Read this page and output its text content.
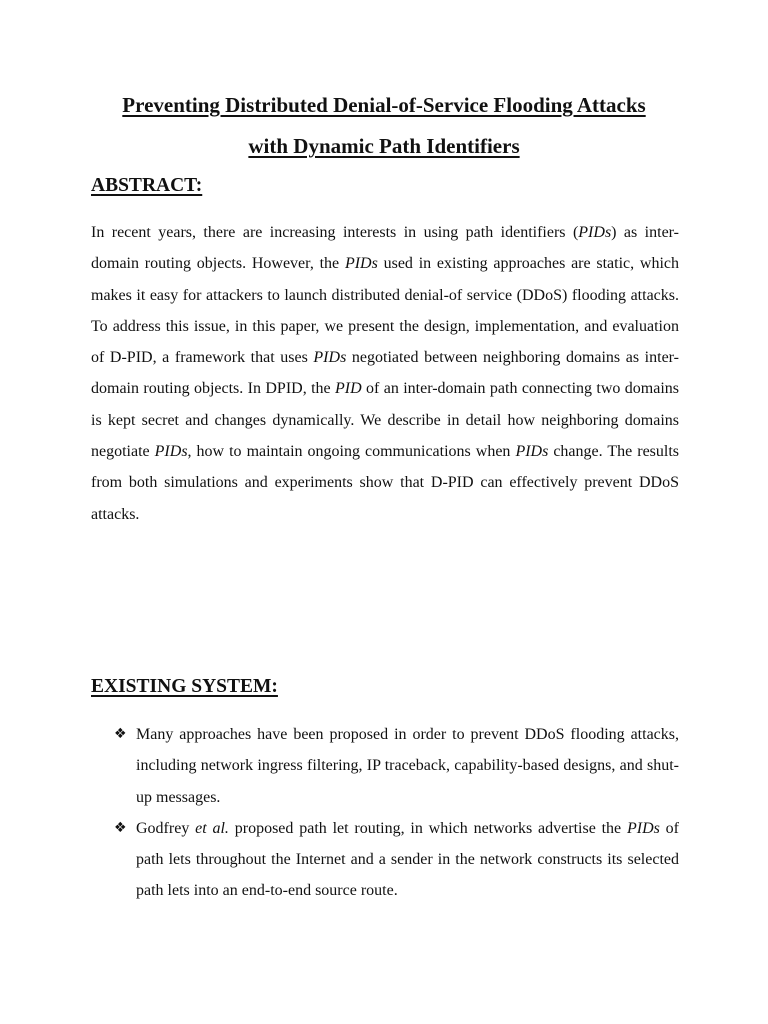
Preventing Distributed Denial-of-Service Flooding Attacks
with Dynamic Path Identifiers
ABSTRACT:
In recent years, there are increasing interests in using path identifiers (PIDs) as inter-domain routing objects. However, the PIDs used in existing approaches are static, which makes it easy for attackers to launch distributed denial-of service (DDoS) flooding attacks. To address this issue, in this paper, we present the design, implementation, and evaluation of D-PID, a framework that uses PIDs negotiated between neighboring domains as inter-domain routing objects. In DPID, the PID of an inter-domain path connecting two domains is kept secret and changes dynamically. We describe in detail how neighboring domains negotiate PIDs, how to maintain ongoing communications when PIDs change. The results from both simulations and experiments show that D-PID can effectively prevent DDoS attacks.
EXISTING SYSTEM:
❖ Many approaches have been proposed in order to prevent DDoS flooding attacks, including network ingress filtering, IP traceback, capability-based designs, and shut-up messages.
❖ Godfrey et al. proposed path let routing, in which networks advertise the PIDs of path lets throughout the Internet and a sender in the network constructs its selected path lets into an end-to-end source route.
